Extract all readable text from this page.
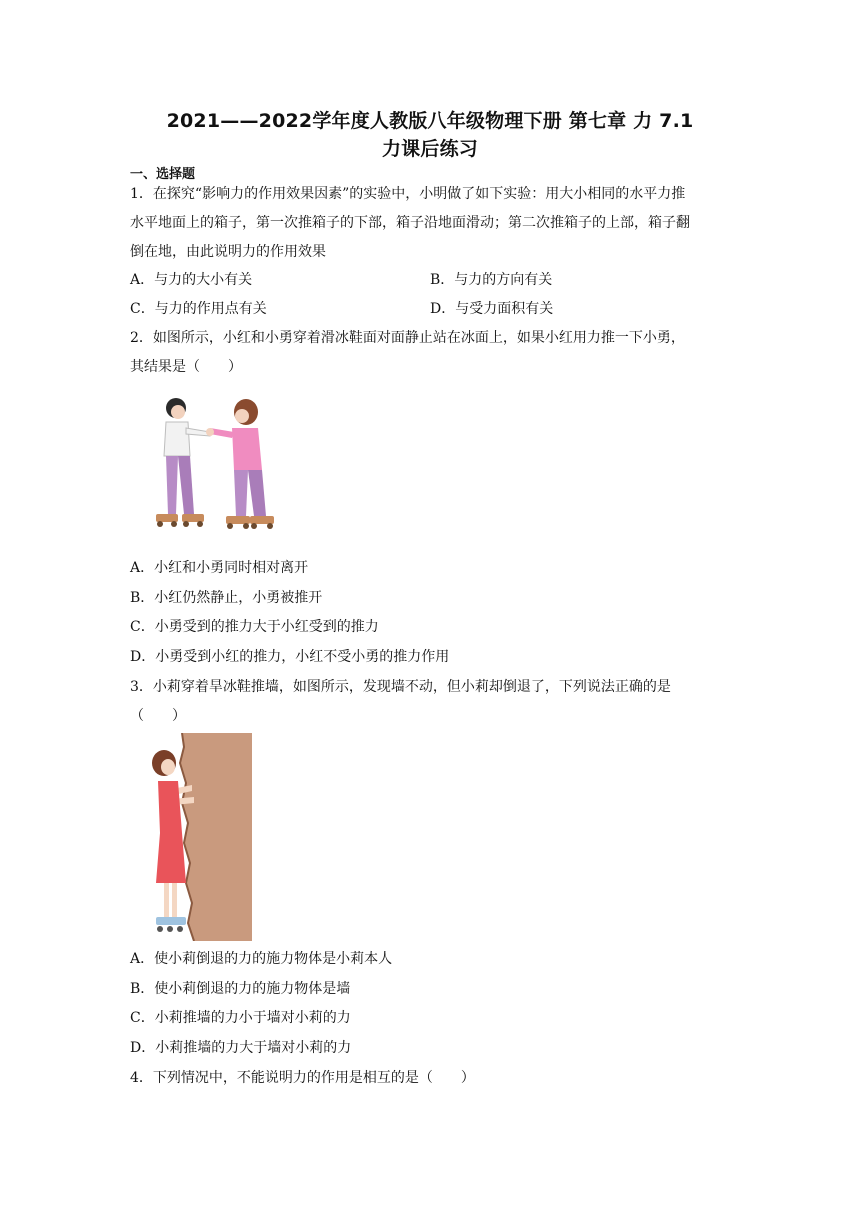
2021——2022学年度人教版八年级物理下册 第七章 力 7.1
力课后练习
一、选择题
1．在探究“影响力的作用效果因素”的实验中，小明做了如下实验：用大小相同的水平力推
水平地面上的箱子，第一次推箱子的下部，箱子沿地面滑动；第二次推箱子的上部，箱子翻
倒在地，由此说明力的作用效果
A．与力的大小有关	B．与力的方向有关
C．与力的作用点有关	D．与受力面积有关
2．如图所示，小红和小勇穿着滑冰鞋面对面静止站在冰面上，如果小红用力推一下小勇，
其结果是（　　）
A．小红和小勇同时相对离开
B．小红仍然静止，小勇被推开
C．小勇受到的推力大于小红受到的推力
D．小勇受到小红的推力，小红不受小勇的推力作用
3．小莉穿着旱冰鞋推墙，如图所示，发现墙不动，但小莉却倒退了，下列说法正确的是
（　　）
A．使小莉倒退的力的施力物体是小莉本人
B．使小莉倒退的力的施力物体是墙
C．小莉推墙的力小于墙对小莉的力
D．小莉推墙的力大于墙对小莉的力
4．下列情况中，不能说明力的作用是相互的是（　　）
